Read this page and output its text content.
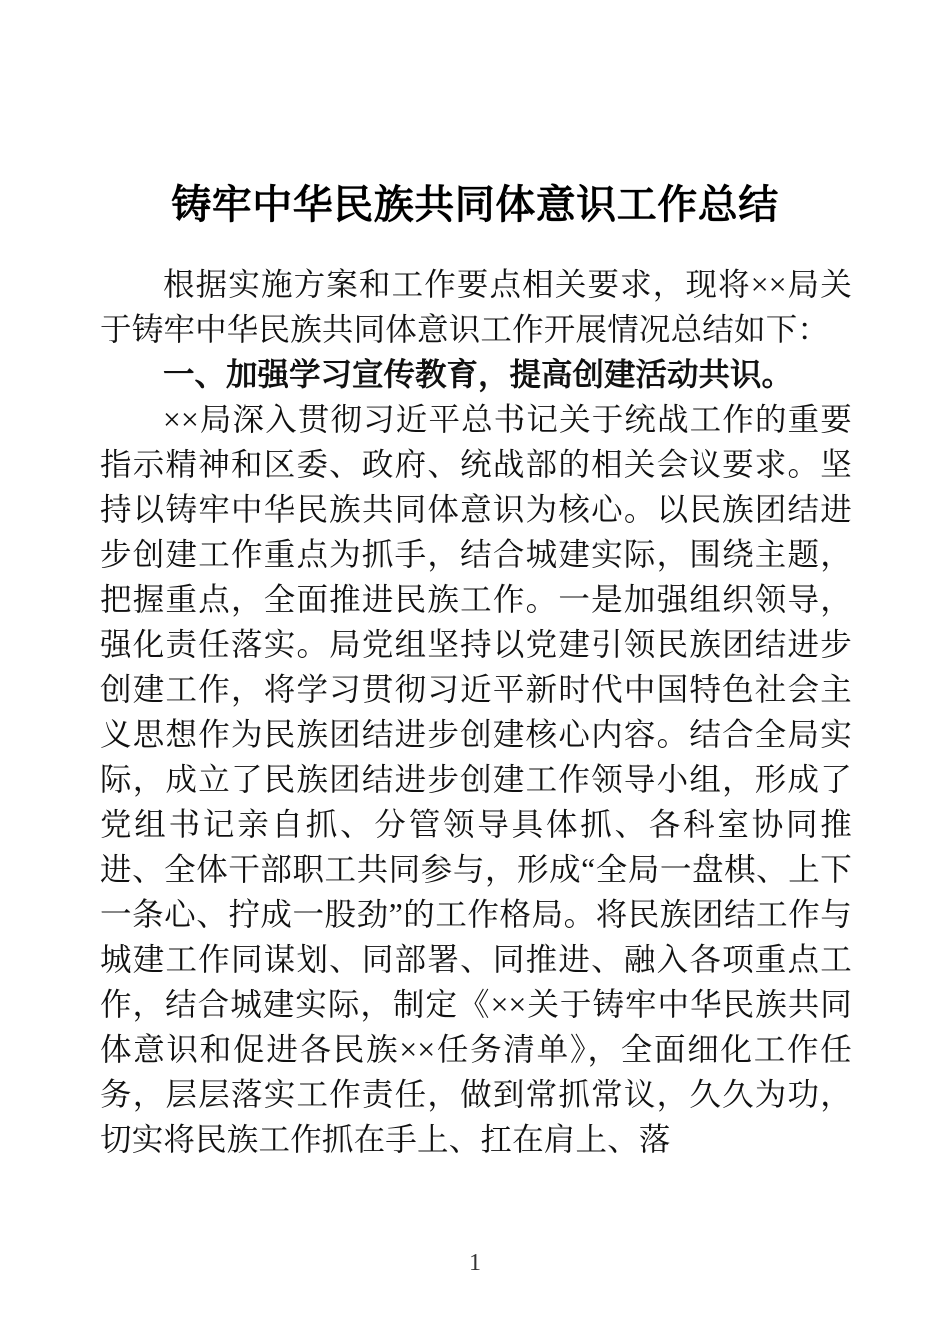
铸牢中华民族共同体意识工作总结

根据实施方案和工作要点相关要求，现将××局关于铸牢中华民族共同体意识工作开展情况总结如下：

一、加强学习宣传教育，提高创建活动共识。

××局深入贯彻习近平总书记关于统战工作的重要指示精神和区委、政府、统战部的相关会议要求。坚持以铸牢中华民族共同体意识为核心。以民族团结进步创建工作重点为抓手，结合城建实际，围绕主题，把握重点，全面推进民族工作。一是加强组织领导，强化责任落实。局党组坚持以党建引领民族团结进步创建工作，将学习贯彻习近平新时代中国特色社会主义思想作为民族团结进步创建核心内容。结合全局实际，成立了民族团结进步创建工作领导小组，形成了党组书记亲自抓、分管领导具体抓、各科室协同推进、全体干部职工共同参与，形成“全局一盘棋、上下一条心、拧成一股劲”的工作格局。将民族团结工作与城建工作同谋划、同部署、同推进、融入各项重点工作，结合城建实际，制定《××关于铸牢中华民族共同体意识和促进各民族××任务清单》，全面细化工作任务，层层落实工作责任，做到常抓常议，久久为功，切实将民族工作抓在手上、扛在肩上、落

1
